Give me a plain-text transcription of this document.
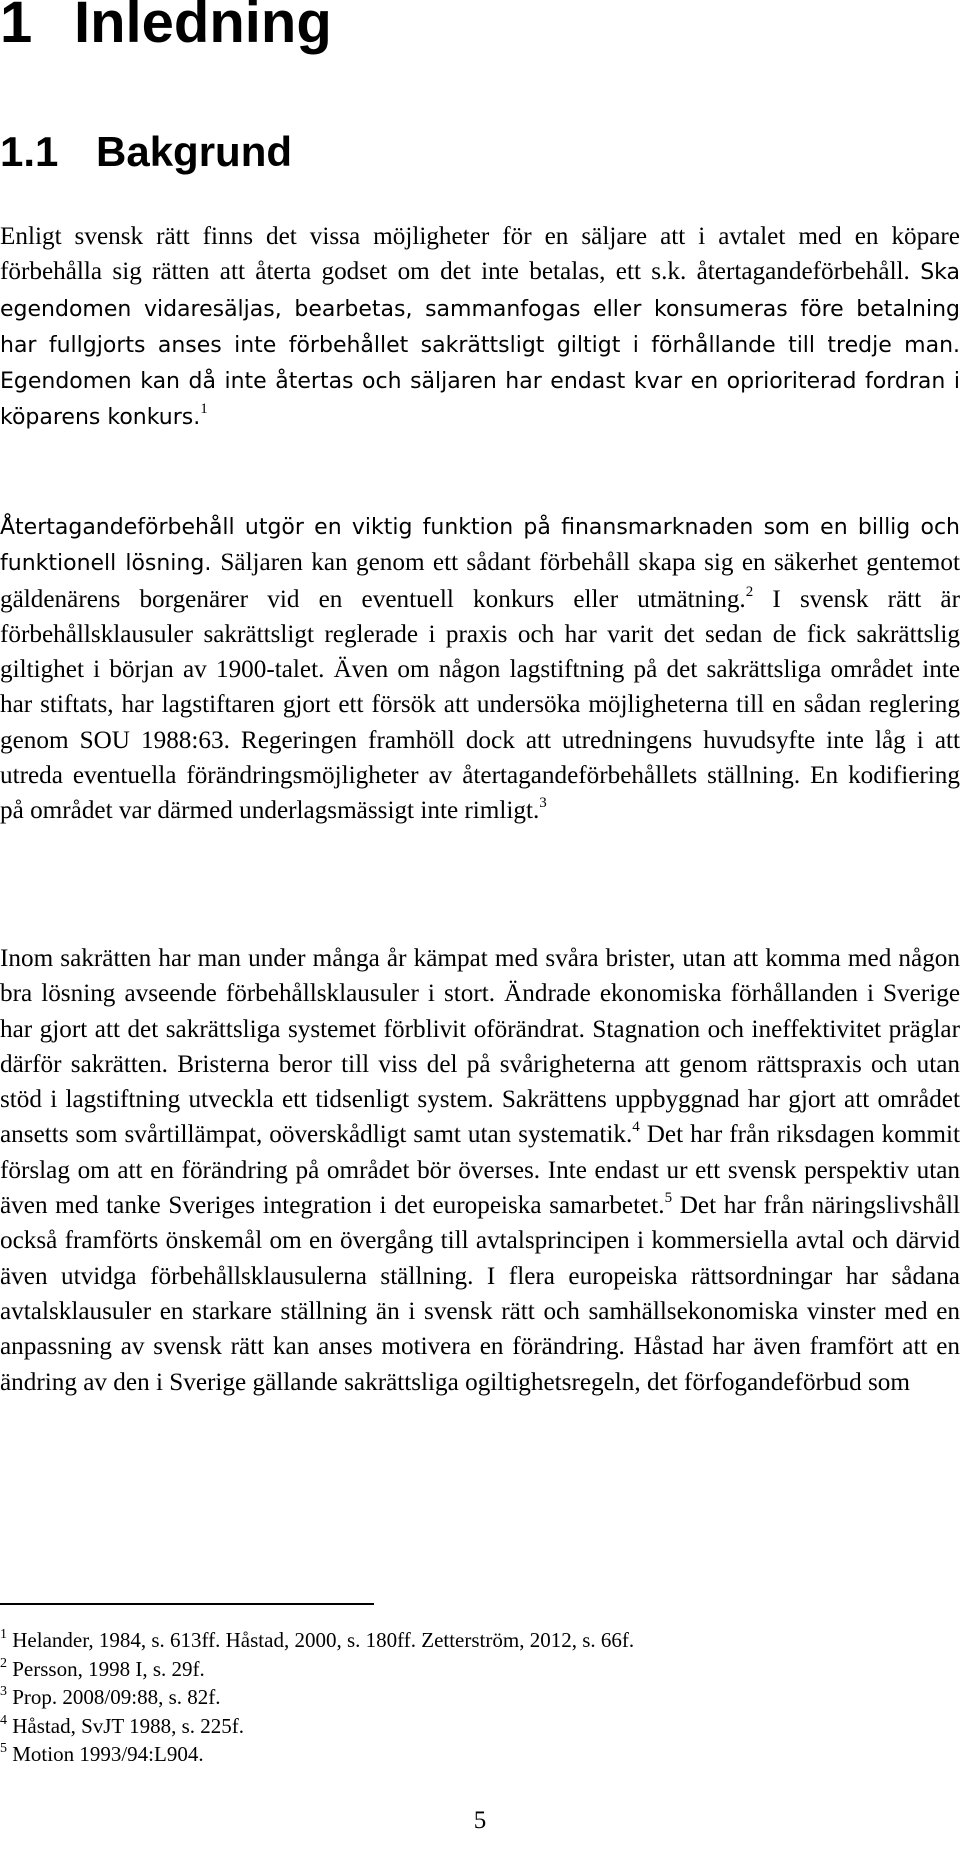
1 Inledning
1.1 Bakgrund

Enligt svensk rätt finns det vissa möjligheter för en säljare att i avtalet med en köpare förbehålla sig rätten att återta godset om det inte betalas, ett s.k. återtagandeförbehåll. Ska egendomen vidaresäljas, bearbetas, sammanfogas eller konsumeras före betalning har fullgjorts anses inte förbehållet sakrättsligt giltigt i förhållande till tredje man. Egendomen kan då inte återtas och säljaren har endast kvar en oprioriterad fordran i köparens konkurs.$^1$

Återtagandeförbehåll utgör en viktig funktion på finansmarknaden som en billig och funktionell lösning. Säljaren kan genom ett sådant förbehåll skapa sig en säkerhet gentemot gäldenärens borgenärer vid en eventuell konkurs eller utmätning.$^2$ I svensk rätt är förbehållsklausuler sakrättsligt reglerade i praxis och har varit det sedan de fick sakrättslig giltighet i början av 1900-talet. Även om någon lagstiftning på det sakrättsliga området inte har stiftats, har lagstiftaren gjort ett försök att undersöka möjligheterna till en sådan reglering genom SOU 1988:63. Regeringen framhöll dock att utredningens huvudsyfte inte låg i att utreda eventuella förändringsmöjligheter av återtagandeförbehållets ställning. En kodifiering på området var därmed underlagsmässigt inte rimligt.$^3$

Inom sakrätten har man under många år kämpat med svåra brister, utan att komma med någon bra lösning avseende förbehållsklausuler i stort. Ändrade ekonomiska förhållanden i Sverige har gjort att det sakrättsliga systemet förblivit oförändrat. Stagnation och ineffektivitet präglar därför sakrätten. Bristerna beror till viss del på svårigheterna att genom rättspraxis och utan stöd i lagstiftning utveckla ett tidsenligt system. Sakrättens uppbyggnad har gjort att området ansetts som svårtillämpat, oöverskådligt samt utan systematik.$^4$ Det har från riksdagen kommit förslag om att en förändring på området bör överses. Inte endast ur ett svensk perspektiv utan även med tanke Sveriges integration i det europeiska samarbetet.$^5$ Det har från näringslivshåll också framförts önskemål om en övergång till avtalsprincipen i kommersiella avtal och därvid även utvidga förbehållsklausulerna ställning. I flera europeiska rättsordningar har sådana avtalsklausuler en starkare ställning än i svensk rätt och samhällsekonomiska vinster med en anpassning av svensk rätt kan anses motivera en förändring. Håstad har även framfört att en ändring av den i Sverige gällande sakrättsliga ogiltighetsregeln, det förfogandeförbud som

$^1$ Helander, 1984, s. 613ff. Håstad, 2000, s. 180ff. Zetterström, 2012, s. 66f.
$^2$ Persson, 1998 I, s. 29f.
$^3$ Prop. 2008/09:88, s. 82f.
$^4$ Håstad, SvJT 1988, s. 225f.
$^5$ Motion 1993/94:L904.
5
